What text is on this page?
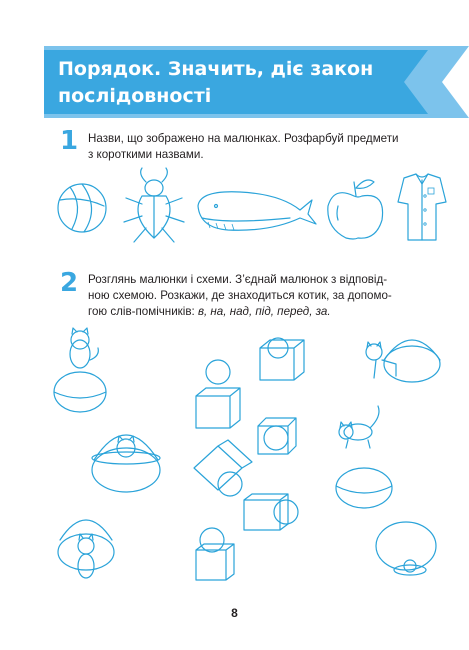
Порядок. Значить, діє закон
послідовності
1 Назви, що зображено на малюнках. Розфарбуй предмети
з короткими назвами.
2 Розглянь малюнки і схеми. З’єднай малюнок з відповід-
ною схемою. Розкажи, де знаходиться котик, за допомо-
гою слів-помічників: в, на, над, під, перед, за.
8
